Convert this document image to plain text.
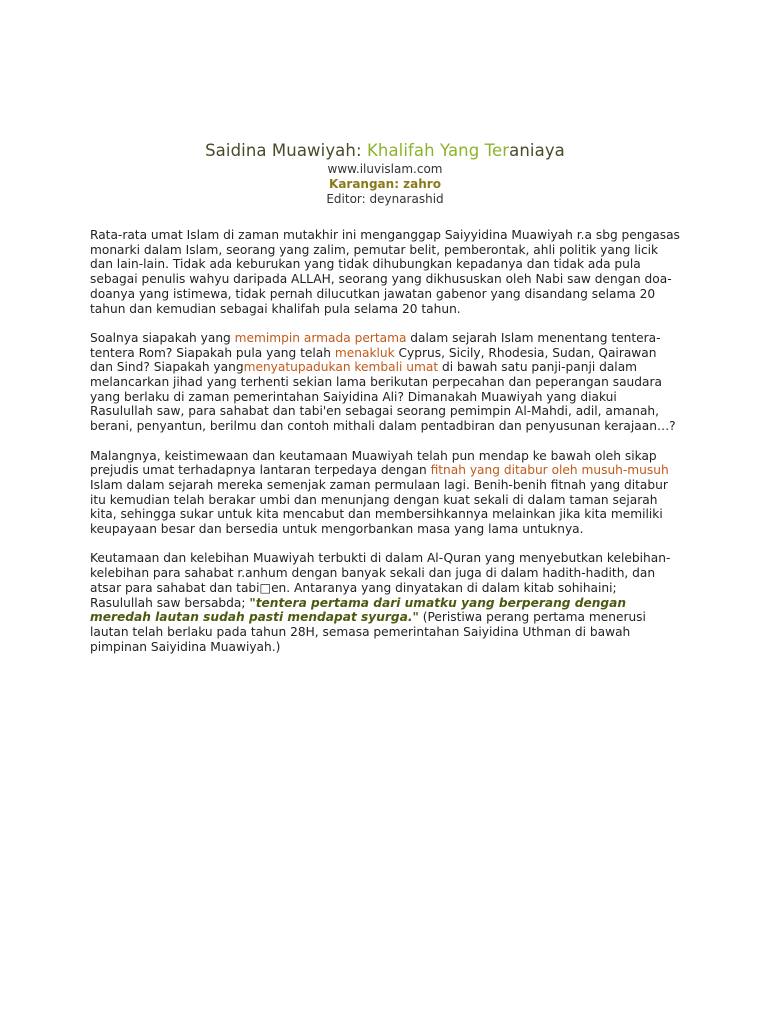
Saidina Muawiyah: Khalifah Yang Teraniaya

www.iluvislam.com

Karangan: zahro

Editor: deynarashid

Rata-rata umat Islam di zaman mutakhir ini menganggap Saiyyidina Muawiyah r.a sbg pengasas monarki dalam Islam, seorang yang zalim, pemutar belit, pemberontak, ahli politik yang licik dan lain-lain. Tidak ada keburukan yang tidak dihubungkan kepadanya dan tidak ada pula sebagai penulis wahyu daripada ALLAH, seorang yang dikhususkan oleh Nabi saw dengan doa-doanya yang istimewa, tidak pernah dilucutkan jawatan gabenor yang disandang selama 20 tahun dan kemudian sebagai khalifah pula selama 20 tahun.

Soalnya siapakah yang memimpin armada pertama dalam sejarah Islam menentang tentera-tentera Rom? Siapakah pula yang telah menakluk Cyprus, Sicily, Rhodesia, Sudan, Qairawan dan Sind? Siapakah yangmenyatupadukan kembali umat di bawah satu panji-panji dalam melancarkan jihad yang terhenti sekian lama berikutan perpecahan dan peperangan saudara yang berlaku di zaman pemerintahan Saiyidina Ali? Dimanakah Muawiyah yang diakui Rasulullah saw, para sahabat dan tabi'en sebagai seorang pemimpin Al-Mahdi, adil, amanah, berani, penyantun, berilmu dan contoh mithali dalam pentadbiran dan penyusunan kerajaan…?

Malangnya, keistimewaan dan keutamaan Muawiyah telah pun mendap ke bawah oleh sikap prejudis umat terhadapnya lantaran terpedaya dengan fitnah yang ditabur oleh musuh-musuh Islam dalam sejarah mereka semenjak zaman permulaan lagi. Benih-benih fitnah yang ditabur itu kemudian telah berakar umbi dan menunjang dengan kuat sekali di dalam taman sejarah kita, sehingga sukar untuk kita mencabut dan membersihkannya melainkan jika kita memiliki keupayaan besar dan bersedia untuk mengorbankan masa yang lama untuknya.

Keutamaan dan kelebihan Muawiyah terbukti di dalam Al-Quran yang menyebutkan kelebihan-kelebihan para sahabat r.anhum dengan banyak sekali dan juga di dalam hadith-hadith, dan atsar para sahabat dan tabi□en. Antaranya yang dinyatakan di dalam kitab sohihaini; Rasulullah saw bersabda; "tentera pertama dari umatku yang berperang dengan meredah lautan sudah pasti mendapat syurga." (Peristiwa perang pertama menerusi lautan telah berlaku pada tahun 28H, semasa pemerintahan Saiyidina Uthman di bawah pimpinan Saiyidina Muawiyah.)
